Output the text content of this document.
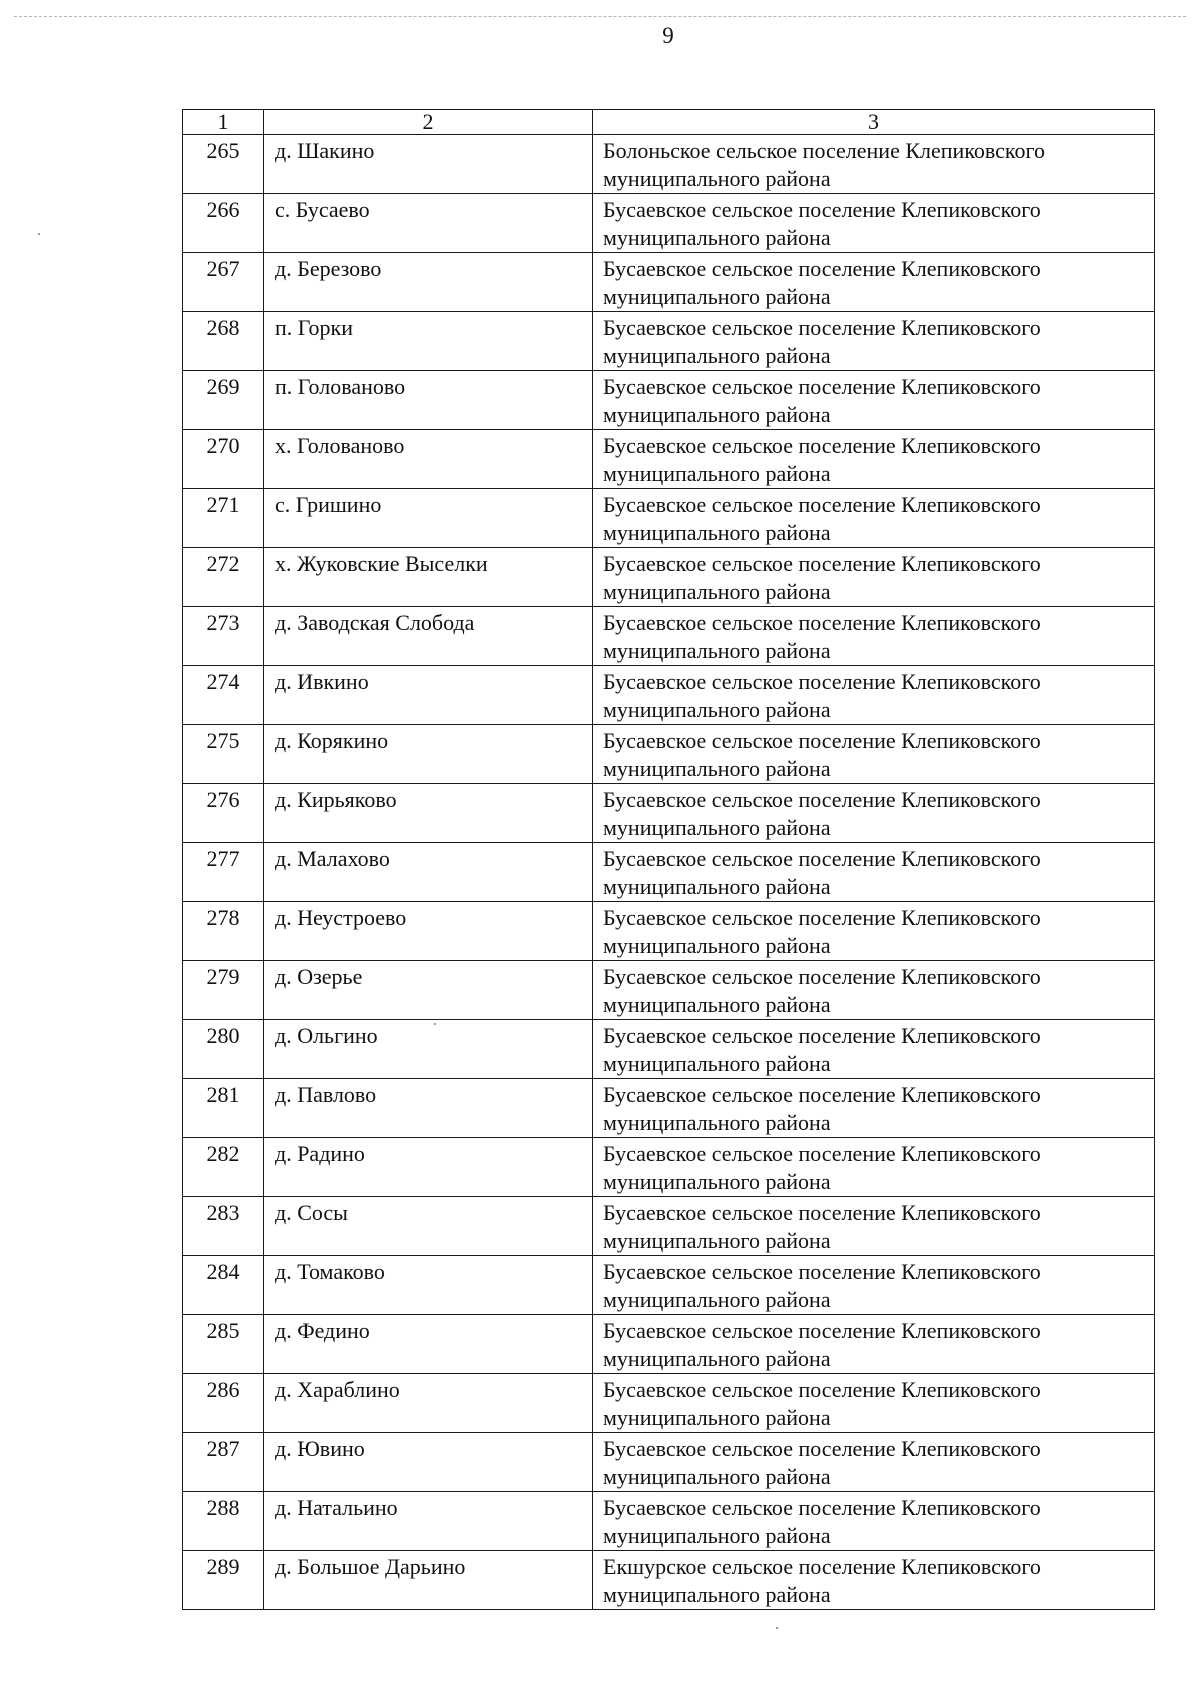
9
1	2	3
265	д. Шакино	Болоньское сельское поселение Клепиковского
муниципального района

266	с. Бусаево	Бусаевское сельское поселение Клепиковского
муниципального района

267	д. Березово	Бусаевское сельское поселение Клепиковского
муниципального района

268	п. Горки	Бусаевское сельское поселение Клепиковского
муниципального района

269	п. Голованово	Бусаевское сельское поселение Клепиковского
муниципального района

270	х. Голованово	Бусаевское сельское поселение Клепиковского
муниципального района

271	с. Гришино	Бусаевское сельское поселение Клепиковского
муниципального района

272	х. Жуковские Выселки	Бусаевское сельское поселение Клепиковского
муниципального района

273	д. Заводская Слобода	Бусаевское сельское поселение Клепиковского
муниципального района

274	д. Ивкино	Бусаевское сельское поселение Клепиковского
муниципального района

275	д. Корякино	Бусаевское сельское поселение Клепиковского
муниципального района

276	д. Кирьяково	Бусаевское сельское поселение Клепиковского
муниципального района

277	д. Малахово	Бусаевское сельское поселение Клепиковского
муниципального района

278	д. Неустроево	Бусаевское сельское поселение Клепиковского
муниципального района

279	д. Озерье	Бусаевское сельское поселение Клепиковского
муниципального района

280	д. Ольгино	Бусаевское сельское поселение Клепиковского
муниципального района

281	д. Павлово	Бусаевское сельское поселение Клепиковского
муниципального района

282	д. Радино	Бусаевское сельское поселение Клепиковского
муниципального района

283	д. Сосы	Бусаевское сельское поселение Клепиковского
муниципального района

284	д. Томаково	Бусаевское сельское поселение Клепиковского
муниципального района

285	д. Федино	Бусаевское сельское поселение Клепиковского
муниципального района

286	д. Хараблино	Бусаевское сельское поселение Клепиковского
муниципального района

287	д. Ювино	Бусаевское сельское поселение Клепиковского
муниципального района

288	д. Натальино	Бусаевское сельское поселение Клепиковского
муниципального района

289	д. Большое Дарьино	Екшурское сельское поселение Клепиковского
муниципального района
